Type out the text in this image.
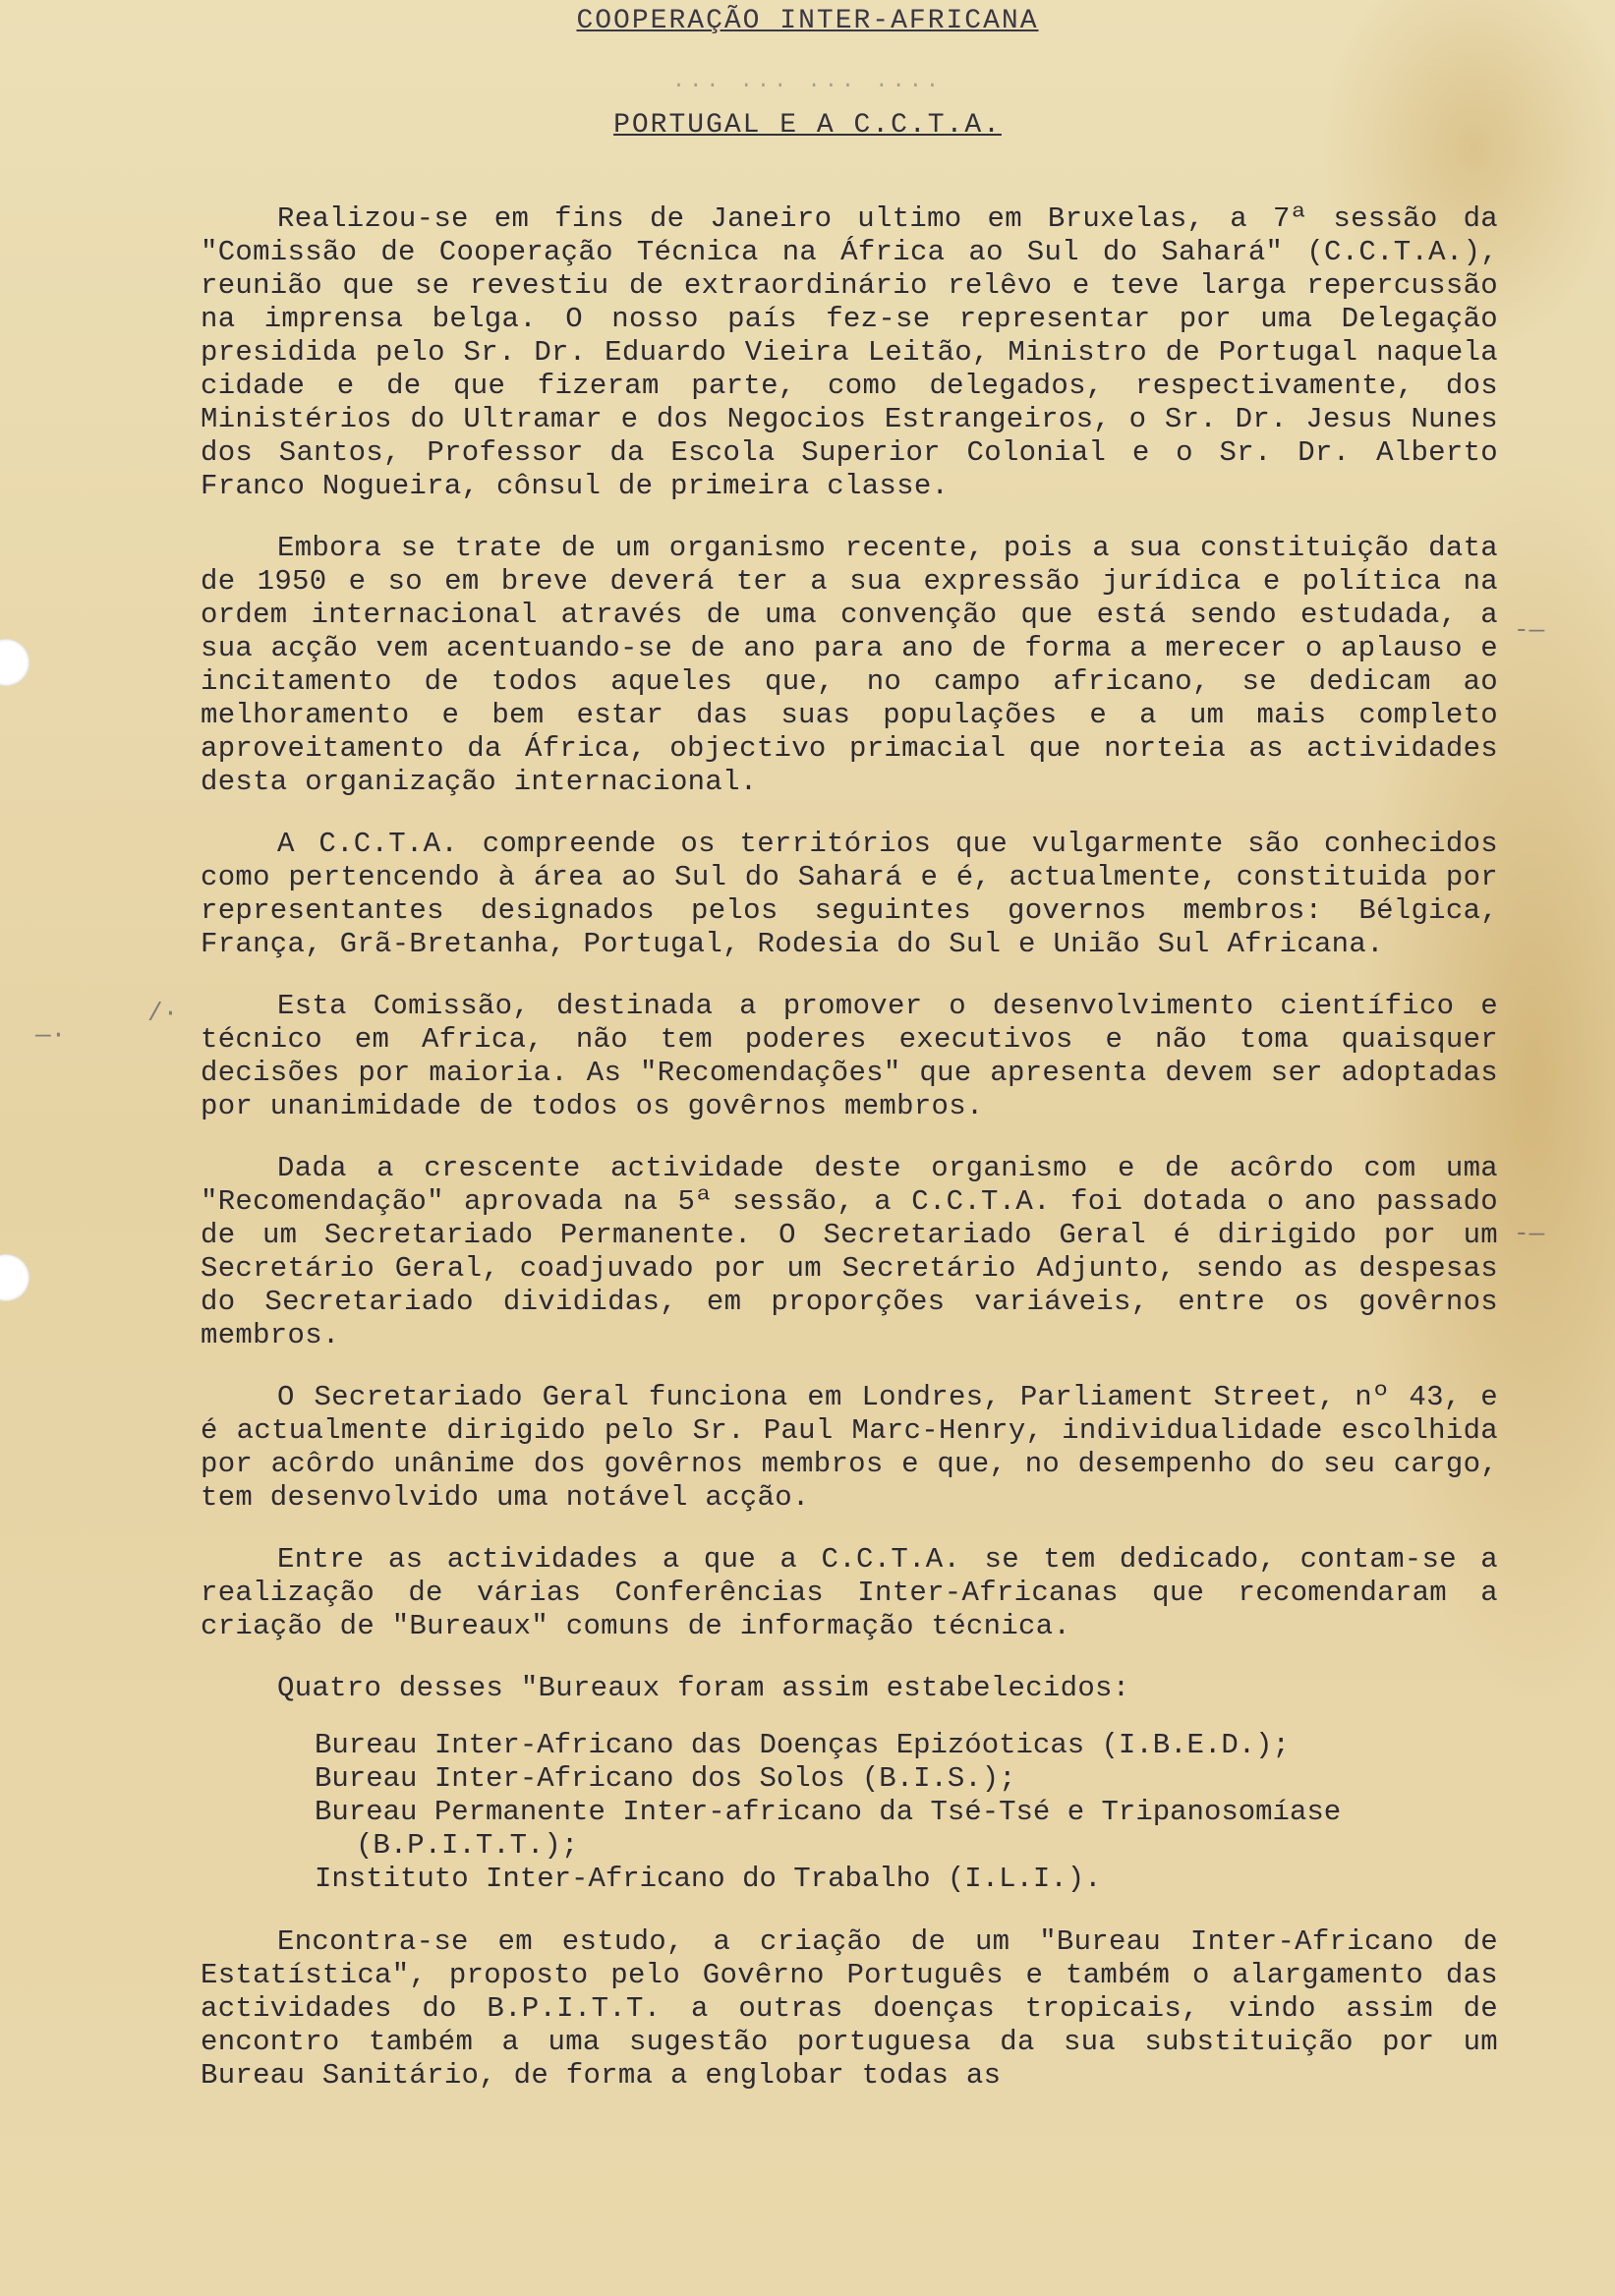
—·
/·
-—
-—
COOPERAÇÃO INTER-AFRICANA
... ... ... ....
PORTUGAL E A C.C.T.A.

Realizou-se em fins de Janeiro ultimo em Bruxelas, a 7ª sessão da "Comissão de Cooperação Técnica na África ao Sul do Sahará" (C.C.T.A.), reunião que se revestiu de extraordinário relêvo e teve larga repercussão na imprensa belga. O nosso país fez-se representar por uma Delegação presidida pelo Sr. Dr. Eduardo Vieira Leitão, Ministro de Portugal naquela cidade e de que fizeram parte, como delegados, respectivamente, dos Ministérios do Ultramar e dos Negocios Estrangeiros, o Sr. Dr. Jesus Nunes dos Santos, Professor da Escola Superior Colonial e o Sr. Dr. Alberto Franco Nogueira, cônsul de primeira classe.

Embora se trate de um organismo recente, pois a sua constituição data de 1950 e so em breve deverá ter a sua expressão jurídica e política na ordem internacional através de uma convenção que está sendo estudada, a sua acção vem acentuando-se de ano para ano de forma a merecer o aplauso e incitamento de todos aqueles que, no campo africano, se dedicam ao melhoramento e bem estar das suas populações e a um mais completo aproveitamento da África, objectivo primacial que norteia as actividades desta organização internacional.

A C.C.T.A. compreende os territórios que vulgarmente são conhecidos como pertencendo à área ao Sul do Sahará e é, actualmente, constituida por representantes designados pelos seguintes governos membros: Bélgica, França, Grã-Bretanha, Portugal, Rodesia do Sul e União Sul Africana.

Esta Comissão, destinada a promover o desenvolvimento científico e técnico em Africa, não tem poderes executivos e não toma quaisquer decisões por maioria. As "Recomendações" que apresenta devem ser adoptadas por unanimidade de todos os govêrnos membros.

Dada a crescente actividade deste organismo e de acôrdo com uma "Recomendação" aprovada na 5ª sessão, a C.C.T.A. foi dotada o ano passado de um Secretariado Permanente. O Secretariado Geral é dirigido por um Secretário Geral, coadjuvado por um Secretário Adjunto, sendo as despesas do Secretariado divididas, em proporções variáveis, entre os govêrnos membros.

O Secretariado Geral funciona em Londres, Parliament Street, nº 43, e é actualmente dirigido pelo Sr. Paul Marc-Henry, individualidade escolhida por acôrdo unânime dos govêrnos membros e que, no desempenho do seu cargo, tem desenvolvido uma notável acção.

Entre as actividades a que a C.C.T.A. se tem dedicado, contam-se a realização de várias Conferências Inter-Africanas que recomendaram a criação de "Bureaux" comuns de informação técnica.

Quatro desses "Bureaux foram assim estabelecidos:

Bureau Inter-Africano das Doenças Epizóoticas (I.B.E.D.);
Bureau Inter-Africano dos Solos (B.I.S.);
Bureau Permanente Inter-africano da Tsé-Tsé e Tripanosomíase
(B.P.I.T.T.);
Instituto Inter-Africano do Trabalho (I.L.I.).

Encontra-se em estudo, a criação de um "Bureau Inter-Africano de Estatística", proposto pelo Govêrno Português e também o alargamento das actividades do B.P.I.T.T. a outras doenças tropicais, vindo assim de encontro também a uma sugestão portuguesa da sua substituição por um Bureau Sanitário, de forma a englobar todas as
